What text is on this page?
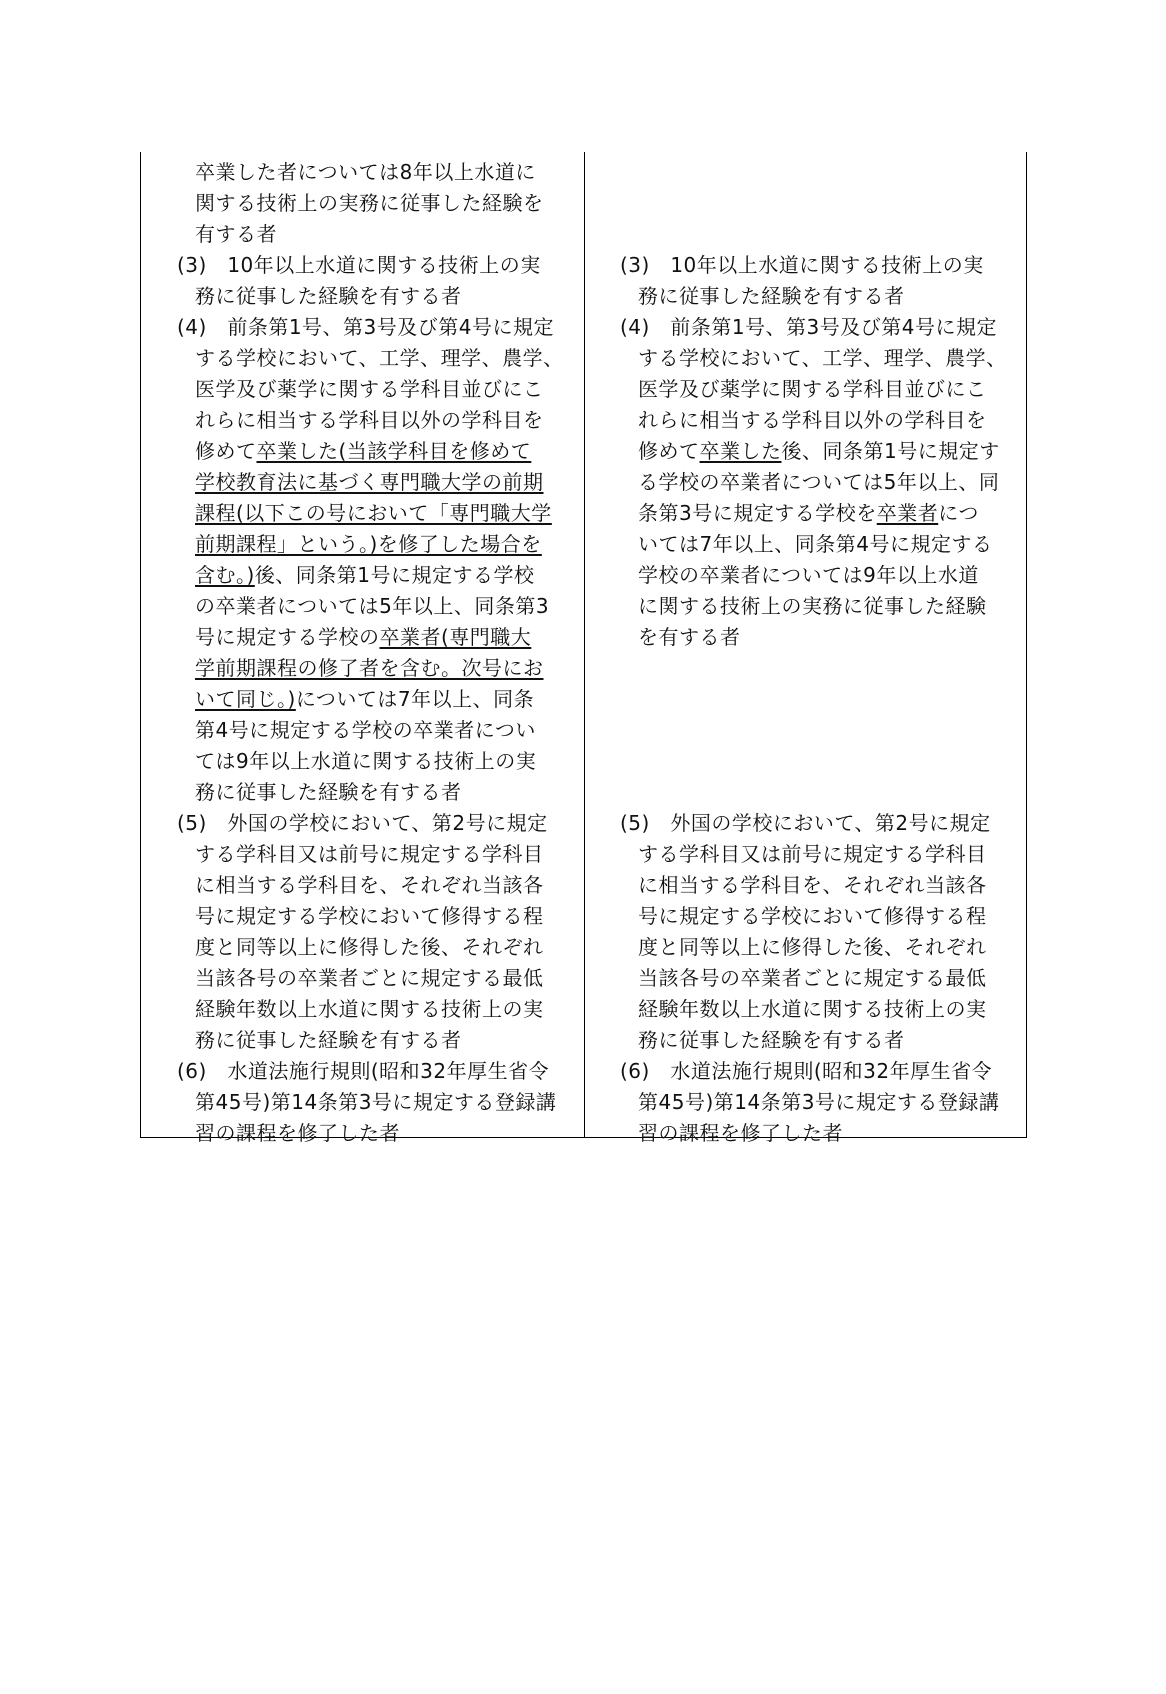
卒業した者については8年以上水道に
関する技術上の実務に従事した経験を
有する者
(3)　10年以上水道に関する技術上の実
務に従事した経験を有する者
(4)　前条第1号、第3号及び第4号に規定
する学校において、工学、理学、農学、
医学及び薬学に関する学科目並びにこ
れらに相当する学科目以外の学科目を
修めて卒業した(当該学科目を修めて
学校教育法に基づく専門職大学の前期
課程(以下この号において「専門職大学
前期課程」という。)を修了した場合を
含む。)後、同条第1号に規定する学校
の卒業者については5年以上、同条第3
号に規定する学校の卒業者(専門職大
学前期課程の修了者を含む。次号にお
いて同じ。)については7年以上、同条
第4号に規定する学校の卒業者につい
ては9年以上水道に関する技術上の実
務に従事した経験を有する者
(5)　外国の学校において、第2号に規定
する学科目又は前号に規定する学科目
に相当する学科目を、それぞれ当該各
号に規定する学校において修得する程
度と同等以上に修得した後、それぞれ
当該各号の卒業者ごとに規定する最低
経験年数以上水道に関する技術上の実
務に従事した経験を有する者
(6)　水道法施行規則(昭和32年厚生省令
第45号)第14条第3号に規定する登録講
習の課程を修了した者
(3)　10年以上水道に関する技術上の実
務に従事した経験を有する者
(4)　前条第1号、第3号及び第4号に規定
する学校において、工学、理学、農学、
医学及び薬学に関する学科目並びにこ
れらに相当する学科目以外の学科目を
修めて卒業した後、同条第1号に規定す
る学校の卒業者については5年以上、同
条第3号に規定する学校を卒業者につ
いては7年以上、同条第4号に規定する
学校の卒業者については9年以上水道
に関する技術上の実務に従事した経験
を有する者
(5)　外国の学校において、第2号に規定
する学科目又は前号に規定する学科目
に相当する学科目を、それぞれ当該各
号に規定する学校において修得する程
度と同等以上に修得した後、それぞれ
当該各号の卒業者ごとに規定する最低
経験年数以上水道に関する技術上の実
務に従事した経験を有する者
(6)　水道法施行規則(昭和32年厚生省令
第45号)第14条第3号に規定する登録講
習の課程を修了した者
